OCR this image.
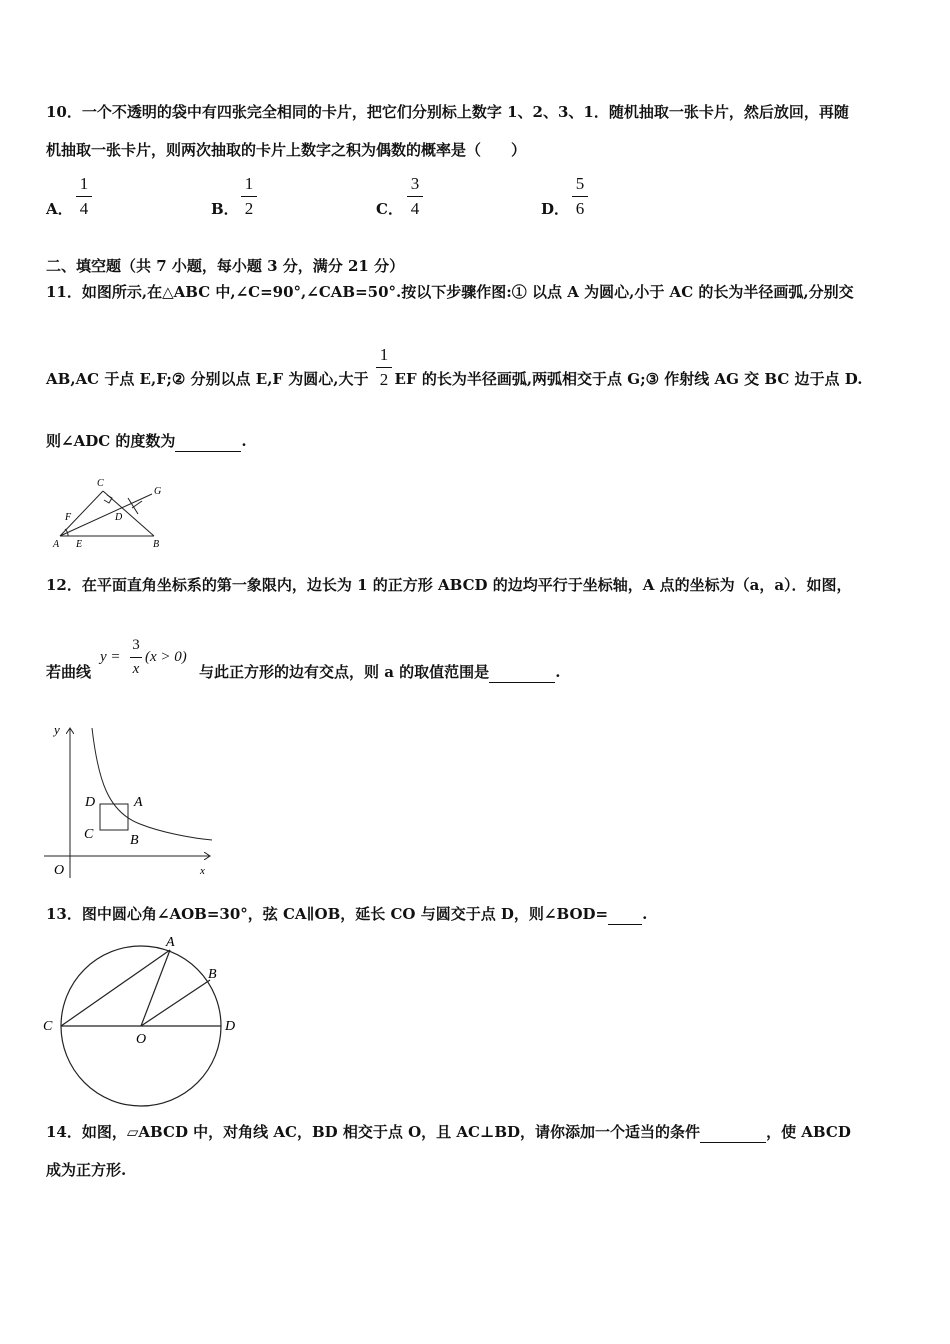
10．一个不透明的袋中有四张完全相同的卡片，把它们分别标上数字 1、2、3、1．随机抽取一张卡片，然后放回，再随
机抽取一张卡片，则两次抽取的卡片上数字之积为偶数的概率是（　　）
A．
1
4	B．
1
2	C．
3
4	D．
5
6
二、填空题（共 7 小题，每小题 3 分，满分 21 分）
11．如图所示,在△ABC 中,∠C=90°,∠CAB=50°.按以下步骤作图:① 以点 A 为圆心,小于 AC 的长为半径画弧,分别交
AB,AC 于点 E,F;② 分别以点 E,F 为圆心,大于 EF 的长为半径画弧,两弧相交于点 G;③ 作射线 AG 交 BC 边于点 D.
1
2
则∠ADC 的度数为	.
C
G
D
F
A E	B
12．在平面直角坐标系的第一象限内，边长为 1 的正方形 ABCD 的边均平行于坐标轴，A 点的坐标为（a，a）．如图，
若曲线	与此正方形的边有交点，则 a 的取值范围是	.
y =
3
x
(x > 0)
y
x
O
D	A
C	B
13．图中圆心角∠AOB=30°，弦 CA∥OB，延长 CO 与圆交于点 D，则∠BOD= .
A
B
C	D
O
14．如图，▱ABCD 中，对角线 AC，BD 相交于点 O，且 AC⊥BD，请你添加一个适当的条件	，使 ABCD
成为正方形.
